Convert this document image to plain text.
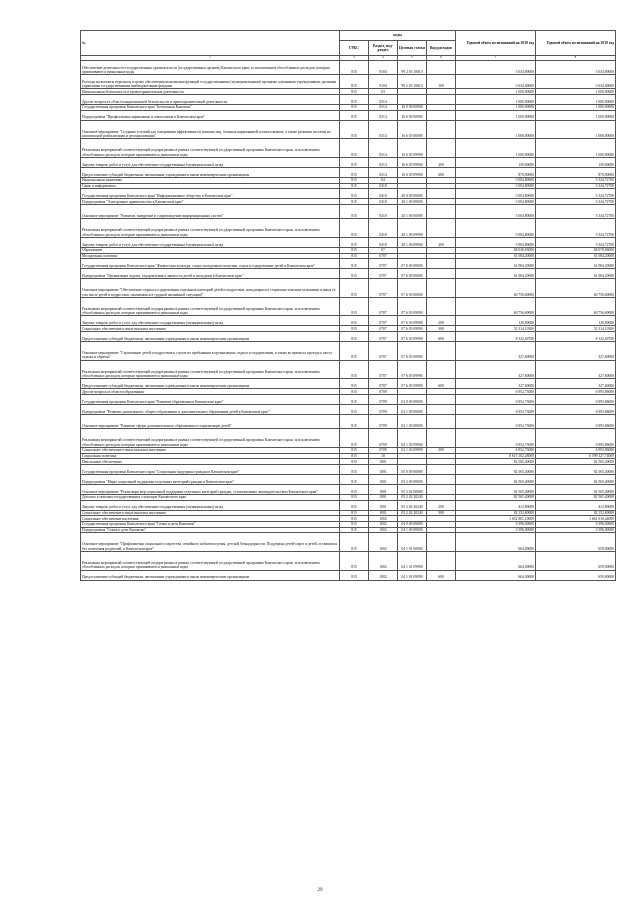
№	коды				Годовой объем ассигнований на 2018 год	Годовой объем ассигнований на 2019 год
	ГРБС	Раздел, под-раздел	Целевая статья	Вид расходов		
1	3	4	5	6	7	8
Обеспечение деятельности государственных органов власти (государственных органов) Камчатского края, за исключением обособленных расходов, которым присваиваются уникальные коды	815	0104	99 2 03 10010		3 634,00000	3 634,00000
Расходы на выплаты персоналу в целях обеспечения выполнения функций государственными (муниципальными) органами, казенными учреждениями, органами управления государственными внебюджетными фондами	815	0104	99 2 03 10010	100	3 634,00000	3 634,00000
Национальная безопасность и правоохранительная деятельность	815	03			1 000,00000	1 000,00000
Другие вопросы в области национальной безопасности и правоохранительной деятельности	815	0314			1 000,00000	1 000,00000
Государственная программа Камчатского края "Безопасная Камчатка"	815	0314	16 0 00 00000		1 000,00000	1 000,00000
Подпрограмма "Профилактика наркомании и алкоголизма в Камчатском крае"	815	0314	16 6 00 00000		1 000,00000	1 000,00000
Основное мероприятие "Создание условий для совершения эффективности помощи лиц, больных наркоманией и алкоголизмом, а также развития системы их комплексной реабилитации и ресоциализации"	815	0314	16 6 05 00000		1 000,00000	1 000,00000
Реализация мероприятий соответствующей подпрограммы в рамках соответствующей государственной программы Камчатского края, за исключением обособленных расходов, которым присваиваются уникальные коды	815	0314	16 6 05 09990		1 000,00000	1 000,00000
Закупка товаров, работ и услуг для обеспечения государственных (муниципальных) нужд	815	0314	16 6 05 09990	200	130,00000	130,00000
Предоставление субсидий бюджетным, автономным учреждениям и иным некоммерческим организациям	815	0314	16 6 05 09990	600	870,00000	870,00000
Национальная экономика	815	04			5 004,80000	5 344,72700
Связь и информатика	815	0410			5 004,80000	5 344,72700
Государственная программа Камчатского края "Информационное общество в Камчатском крае"	815	0410	20 0 00 00000		5 004,80000	5 344,72700
Подпрограмма "Электронное правительство в Камчатском крае"	815	0410	20 1 00 00000		5 004,80000	5 344,72700
Основное мероприятие "Развитие, внедрение и сопровождение информационных систем"	815	0410	20 1 06 00000		5 004,80000	5 344,72700
Реализация мероприятий соответствующей подпрограммы в рамках соответствующей государственной программы Камчатского края, за исключением обособленных расходов, которым присваиваются уникальные коды	815	0410	20 1 06 09990		5 004,80000	5 344,72700
Закупка товаров, работ и услуг для обеспечения государственных (муниципальных) нужд	815	0410	20 1 06 09990	200	5 004,80000	5 344,72700
Образование	815	07			68 036,93000	68 078,06000
Молодежная политика	815	0707			61 084,20000	61 084,20000
Государственная программа Камчатского края "Физическая культура, спорт, молодежная политика, отдых и оздоровление детей в Камчатском крае"	815	0707	07 0 00 00000		61 084,20000	61 084,20000
Подпрограмма "Организация отдыха, оздоровления и занятости детей и молодежи в Камчатском крае"	815	0707	07 6 00 00000		61 084,20000	61 084,20000
Основное мероприятие "Обеспечение отдыха и оздоровления отдельных категорий детей и подростков, находящихся в социально-опасном положении и иных (в том числе детей и подростков, оказавшихся в трудной жизненной ситуации)"	815	0707	07 6 03 00000		60 756,60000	60 756,60000
Реализация мероприятий соответствующей подпрограммы в рамках соответствующей государственной программы Камчатского края, за исключением обособленных расходов, которым присваиваются уникальные коды	815	0707	07 6 03 09990		60 756,60000	60 756,60000
Закупка товаров, работ и услуг для обеспечения государственных (муниципальных) нужд	815	0707	07 6 03 09990	200	120,00000	120,00000
Социальное обеспечение и иные выплаты населению	815	0707	07 6 03 09990	300	52 314,10300	52 314,10300
Предоставление субсидий бюджетным, автономным учреждениям и иным некоммерческим организациям	815	0707	07 6 03 09990	600	8 322,49700	8 122,49700
Основное мероприятие "Страхование детей и подростков в случае их пребывания в организациях отдыха и оздоровления, в также во время их проезда к месту отдыха и обратно"	815	0707	07 6 05 00000		327,60000	327,60000
Реализация мероприятий соответствующей подпрограммы в рамках соответствующей государственной программы Камчатского края, за исключением обособленных расходов, которым присваиваются уникальные коды	815	0707	07 6 05 09990		327,60000	327,60000
Предоставление субсидий бюджетным, автономным учреждениям и иным некоммерческим организациям	815	0707	07 6 05 09990	600	327,60000	327,60000
Другие вопросы в области образования	815	0709			6 952,73000	6 993,86000
Государственная программа Камчатского края "Развитие образования в Камчатском крае"	815	0709	02 0 00 00000		6 952,73000	6 993,86000
Подпрограмма "Развитие дошкольного, общего образования и дополнительного образования детей в Камчатском крае"	815	0709	02 1 00 00000		6 952,73000	6 993,86000
Основное мероприятие "Развитие сферы дополнительного образования и социализации детей"	815	0709	02 1 03 00000		6 952,73000	6 993,86000
Реализация мероприятий соответствующей подпрограммы в рамках соответствующей государственной программы Камчатского края, за исключением обособленных расходов, которым присваиваются уникальные коды	815	0709	02 1 03 09990		6 952,73000	6 993,86000
Социальное обеспечение и иные выплаты населению	815	0709	02 1 03 09990	300	6 952,73000	6 993,86000
Социальная политика	815	10			8 615 102,28000	6 599 327,74000
Пенсионное обеспечение	815	1001			82 565,40000	82 565,40000
Государственная программа Камчатского края "Социальная поддержка граждан в Камчатском крае"	815	1001	05 0 00 00000		82 565,40000	82 565,40000
Подпрограмма "Меры социальной поддержки отдельных категорий граждан в Камчатском крае"	815	1001	05 2 00 00000		82 565,40000	82 565,40000
Основное мероприятие "Реализация мер социальной поддержки отдельных категорий граждан, установленных законодательством Камчатского края"	815	1001	05 2 02 00000		82 565,40000	82 565,40000
Доплаты к пенсиям государственных служащих Камчатского края	815	1001	05 2 02 20240		82 565,40000	82 565,40000
Закупка товаров, работ и услуг для обеспечения государственных (муниципальных) нужд	815	1001	05 2 02 20240	200	412,80000	412,80000
Социальное обеспечение и иные выплаты населению	815	1001	05 2 02 20240	300	82 152,60000	82 152,60000
Социальное обеспечение населения	815	1002			1 652 801,10000	1 661 010,44000
Государственная программа Камчатского края "Семья и дети Камчатки"	815	1002	04 0 00 00000		9 396,00000	9 396,00000
Подпрограмма "Семья и дети Камчатки"	815	1002	04 1 00 00000		3 596,00000	3 596,00000
Основное мероприятие "Профилактика социального сиротства, семейного неблагополучия, детской безнадзорности. Поддержка детей-сирот и детей, оставшихся без попечения родителей, в Камчатском крае"	815	1002	04 1 01 00000		664,00000	659,00000
Реализация мероприятий соответствующей подпрограммы в рамках соответствующей государственной программы Камчатского края, за исключением обособленных расходов, которым присваиваются уникальные коды	815	1002	04 1 01 09990		664,00000	659,00000
Предоставление субсидий бюджетным, автономным учреждениям и иным некоммерческим организациям	815	1002	04 1 01 09990	600	664,00000	659,00000
29
